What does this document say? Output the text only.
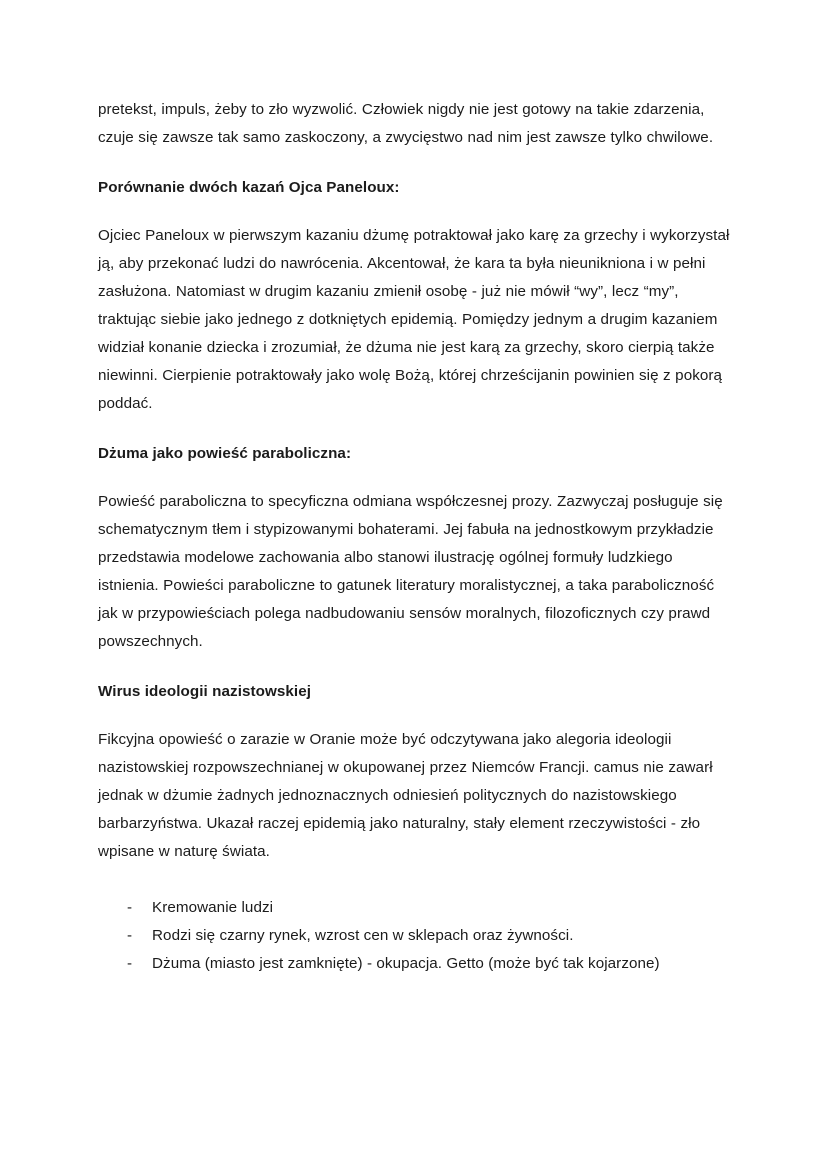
pretekst, impuls, żeby to zło wyzwolić. Człowiek nigdy nie jest gotowy na takie zdarzenia, czuje się zawsze tak samo zaskoczony, a zwycięstwo nad nim jest zawsze tylko chwilowe.

Porównanie dwóch kazań Ojca Paneloux:

Ojciec Paneloux w pierwszym kazaniu dżumę potraktował jako karę za grzechy i wykorzystał ją, aby przekonać ludzi do nawrócenia. Akcentował, że kara ta była nieunikniona i w pełni zasłużona. Natomiast w drugim kazaniu zmienił osobę - już nie mówił “wy”, lecz “my”, traktując siebie jako jednego z dotkniętych epidemią. Pomiędzy jednym a drugim kazaniem widział konanie dziecka i zrozumiał, że dżuma nie jest karą za grzechy, skoro cierpią także niewinni. Cierpienie potraktowały jako wolę Bożą, której chrześcijanin powinien się z pokorą poddać.

Dżuma jako powieść paraboliczna:

Powieść paraboliczna to specyficzna odmiana współczesnej prozy. Zazwyczaj posługuje się schematycznym tłem i stypizowanymi bohaterami. Jej fabuła na jednostkowym przykładzie przedstawia modelowe zachowania albo stanowi ilustrację ogólnej formuły ludzkiego istnienia. Powieści paraboliczne to gatunek literatury moralistycznej, a taka paraboliczność jak w przypowieściach polega nadbudowaniu sensów moralnych, filozoficznych czy prawd powszechnych.

Wirus ideologii nazistowskiej

Fikcyjna opowieść o zarazie w Oranie może być odczytywana jako alegoria ideologii nazistowskiej rozpowszechnianej w okupowanej przez Niemców Francji. camus nie zawarł jednak w dżumie żadnych jednoznacznych odniesień politycznych do nazistowskiego barbarzyństwa. Ukazał raczej epidemią jako naturalny, stały element rzeczywistości - zło wpisane w naturę świata.

- Kremowanie ludzi
- Rodzi się czarny rynek, wzrost cen w sklepach oraz żywności.
- Dżuma (miasto jest zamknięte) - okupacja. Getto (może być tak kojarzone)
